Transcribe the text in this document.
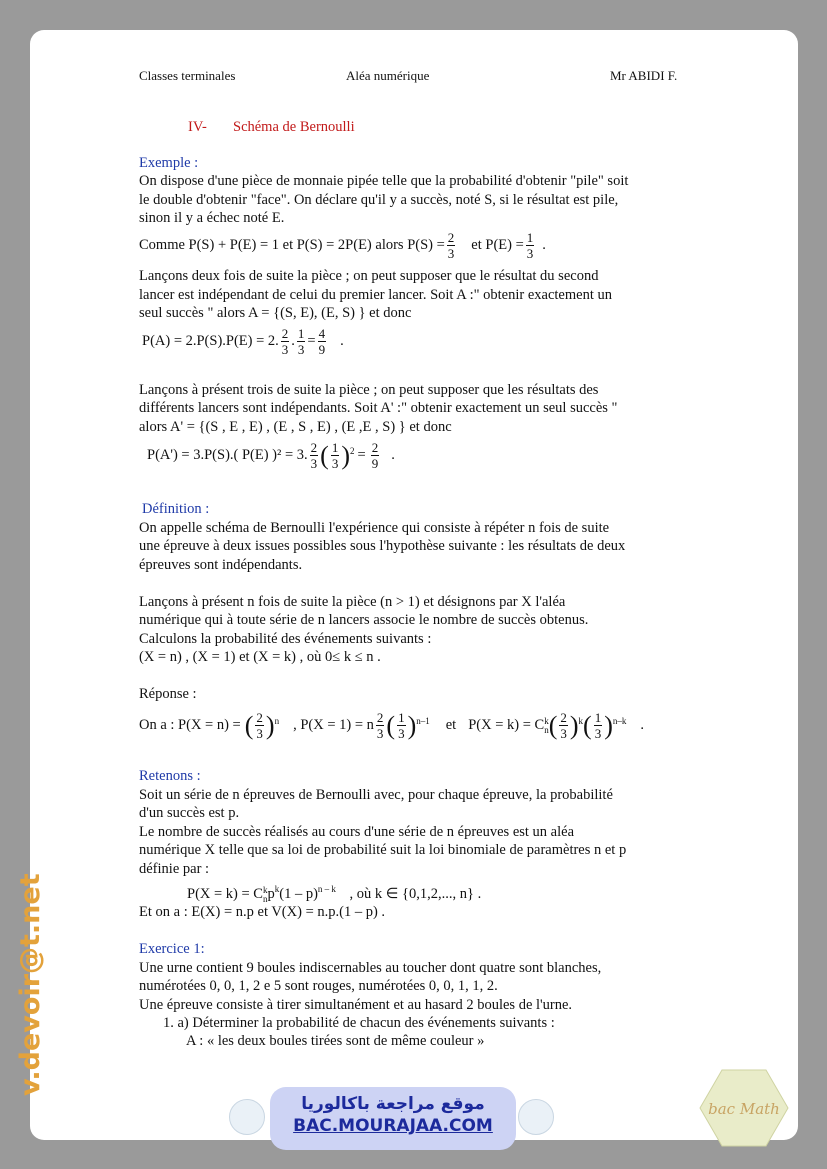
Classes terminales	Aléa numérique	Mr ABIDI F.
IV- Schéma de Bernoulli
Exemple :
On dispose d'une pièce de monnaie pipée telle que la probabilité d'obtenir "pile" soit
le double d'obtenir "face". On déclare qu'il y a succès, noté S, si le résultat est pile,
sinon il y a échec noté E.
Comme P(S) + P(E) = 1 et P(S) = 2P(E) alors $P(S) = \frac{2}{3}$ et $P(E) = \frac{1}{3}$ .
Lançons deux fois de suite la pièce ; on peut supposer que le résultat du second
lancer est indépendant de celui du premier lancer. Soit A :" obtenir exactement un
seul succès " alors A = {(S, E), (E, S) } et donc
P(A) = 2.P(S).P(E) = 2. $\frac{2}{3}$ . $\frac{1}{3} = \frac{4}{9}$ .
Lançons à présent trois de suite la pièce ; on peut supposer que les résultats des
différents lancers sont indépendants. Soit A' :" obtenir exactement un seul succès "
alors A' = {(S , E , E) , (E , S , E) , (E ,E , S) } et donc
P(A') = 3.P(S).( P(E) )² = 3. $\frac{2}{3}$ ( $\frac{1}{3} )^2 = \frac{2}{9}$ .
Définition :
On appelle schéma de Bernoulli l'expérience qui consiste à répéter n fois de suite
une épreuve à deux issues possibles sous l'hypothèse suivante : les résultats de deux
épreuves sont indépendants.
Lançons à présent n fois de suite la pièce (n > 1) et désignons par X l'aléa
numérique qui à toute série de n lancers associe le nombre de succès obtenus.
Calculons la probabilité des événements suivants :
(X = n) , (X = 1) et (X = k) , où 0≤ k ≤ n .
Réponse :
On a : P(X = n) = ( $\frac{2}{3} )^n$ , P(X = 1) = n $\frac{2}{3}$ ( $\frac{1}{3} )^{n-1}$ et P(X = k) = C k
n ( $\frac{2}{3} )^k$ ( $\frac{1}{3} )^{n-k}$ .
Retenons :
Soit un série de n épreuves de Bernoulli avec, pour chaque épreuve, la probabilité
d'un succès est p.
Le nombre de succès réalisés au cours d'une série de n épreuves est un aléa
numérique X telle que sa loi de probabilité suit la loi binomiale de paramètres n et p
définie par :
P(X = k) = C k
n $p^k(1 - p)^{n - k}$ , où k ∈ {0,1,2,..., n} .
Et on a : E(X) = n.p et V(X) = n.p.(1 – p) .
Exercice 1:
Une urne contient 9 boules indiscernables au toucher dont quatre sont blanches,
numérotées 0, 0, 1, 2 e 5 sont rouges, numérotées 0, 0, 1, 1, 2.
Une épreuve consiste à tirer simultanément et au hasard 2 boules de l'urne.
1. a) Déterminer la probabilité de chacun des événements suivants :
A : « les deux boules tirées sont de même couleur »
v.devoir@t.net
موقع مراجعة باكالوريا
BAC.MOURAJAA.COM
bac Math
